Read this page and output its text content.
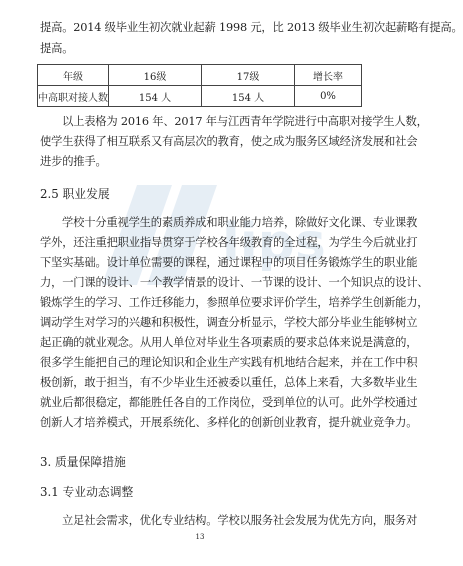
提高。2014 级毕业生初次就业起薪 1998 元，比 2013 级毕业生初次起薪略有提高。
提高。
年级	16级	17级	增长率
中高职对接人数	154 人	154 人	0%
以上表格为 2016 年、2017 年与江西青年学院进行中高职对接学生人数，
使学生获得了相互联系又有高层次的教育，使之成为服务区域经济发展和社会
进步的推手。
2.5 职业发展
lips
学校十分重视学生的素质养成和职业能力培养，除做好文化课、专业课教
学外，还注重把职业指导贯穿于学校各年级教育的全过程，为学生今后就业打
下坚实基础。设计单位需要的课程，通过课程中的项目任务锻炼学生的职业能
力，一门课的设计、一个教学情景的设计、一节课的设计、一个知识点的设计、
锻炼学生的学习、工作迁移能力，参照单位要求评价学生，培养学生创新能力，
调动学生对学习的兴趣和积极性，调查分析显示，学校大部分毕业生能够树立
起正确的就业观念。从用人单位对毕业生各项素质的要求总体来说是满意的，
很多学生能把自己的理论知识和企业生产实践有机地结合起来，并在工作中积
极创新，敢于担当，有不少毕业生还被委以重任，总体上来看，大多数毕业生
就业后都很稳定，都能胜任各自的工作岗位，受到单位的认可。此外学校通过
创新人才培养模式，开展系统化、多样化的创新创业教育，提升就业竞争力。
3. 质量保障措施
3.1 专业动态调整
立足社会需求，优化专业结构。学校以服务社会发展为优先方向，服务对
13
